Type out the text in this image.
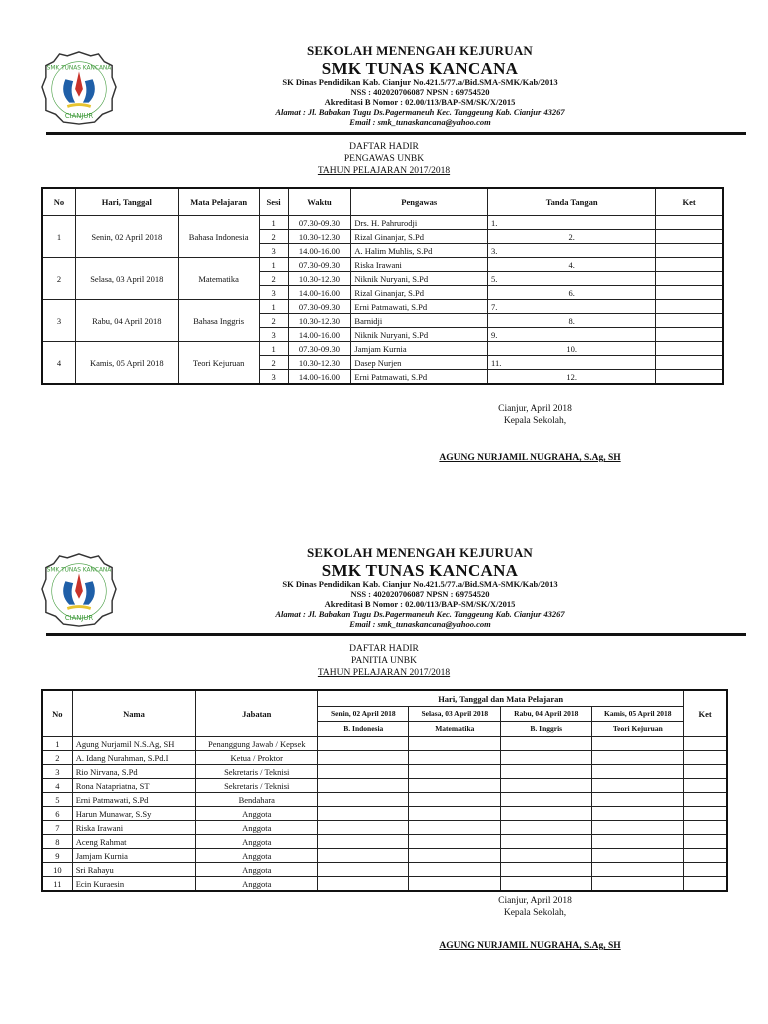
SMK TUNAS KANCANA
CIANJUR
SEKOLAH MENENGAH KEJURUAN
SMK TUNAS KANCANA
SK Dinas Pendidikan Kab. Cianjur No.421.5/77.a/Bid.SMA-SMK/Kab/2013
NSS : 402020706087 NPSN : 69754520
Akreditasi B Nomor : 02.00/113/BAP-SM/SK/X/2015
Alamat : Jl. Babakan Tugu Ds.Pagermaneuh Kec. Tanggeung Kab. Cianjur 43267
Email : smk_tunaskancana@yahoo.com
DAFTAR HADIR
PENGAWAS UNBK
TAHUN PELAJARAN 2017/2018
No	Hari, Tanggal	Mata Pelajaran	Sesi	Waktu	Pengawas	Tanda Tangan	Ket
1	Senin, 02 April 2018	Bahasa Indonesia	1	07.30-09.30	Drs. H. Pahrurodji	1.	
			2	10.30-12.30	Rizal Ginanjar, S.Pd	2.	
			3	14.00-16.00	A. Halim Muhlis, S.Pd	3.	
2	Selasa, 03 April 2018	Matematika	1	07.30-09.30	Riska Irawani	4.	
			2	10.30-12.30	Niknik Nuryani, S.Pd	5.	
			3	14.00-16.00	Rizal Ginanjar, S.Pd	6.	
3	Rabu, 04 April 2018	Bahasa Inggris	1	07.30-09.30	Erni Patmawati, S.Pd	7.	
			2	10.30-12.30	Barnidji	8.	
			3	14.00-16.00	Niknik Nuryani, S.Pd	9.	
4	Kamis, 05 April 2018	Teori Kejuruan	1	07.30-09.30	Jamjam Kurnia	10.	
			2	10.30-12.30	Dasep Nurjen	11.	
			3	14.00-16.00	Erni Patmawati, S.Pd	12.	
Cianjur, April 2018
Kepala Sekolah,
AGUNG NURJAMIL NUGRAHA, S.Ag, SH
SMK TUNAS KANCANA
CIANJUR
SEKOLAH MENENGAH KEJURUAN
SMK TUNAS KANCANA
SK Dinas Pendidikan Kab. Cianjur No.421.5/77.a/Bid.SMA-SMK/Kab/2013
NSS : 402020706087 NPSN : 69754520
Akreditasi B Nomor : 02.00/113/BAP-SM/SK/X/2015
Alamat : Jl. Babakan Tugu Ds.Pagermaneuh Kec. Tanggeung Kab. Cianjur 43267
Email : smk_tunaskancana@yahoo.com
DAFTAR HADIR
PANITIA UNBK
TAHUN PELAJARAN 2017/2018
No	Nama	Jabatan	Hari, Tanggal dan Mata Pelajaran				Ket
			Senin, 02 April 2018	Selasa, 03 April 2018	Rabu, 04 April 2018	Kamis, 05 April 2018	
			B. Indonesia	Matematika	B. Inggris	Teori Kejuruan	
1	Agung Nurjamil N.S.Ag, SH	Penanggung Jawab / Kepsek					
2	A. Idang Nurahman, S.Pd.I	Ketua / Proktor					
3	Rio Nirvana, S.Pd	Sekretaris / Teknisi					
4	Rona Natapriatna, ST	Sekretaris / Teknisi					
5	Erni Patmawati, S.Pd	Bendahara					
6	Harun Munawar, S.Sy	Anggota					
7	Riska Irawani	Anggota					
8	Aceng Rahmat	Anggota					
9	Jamjam Kurnia	Anggota					
10	Sri Rahayu	Anggota					
11	Ecin Kuraesin	Anggota					
Cianjur, April 2018
Kepala Sekolah,
AGUNG NURJAMIL NUGRAHA, S.Ag, SH
